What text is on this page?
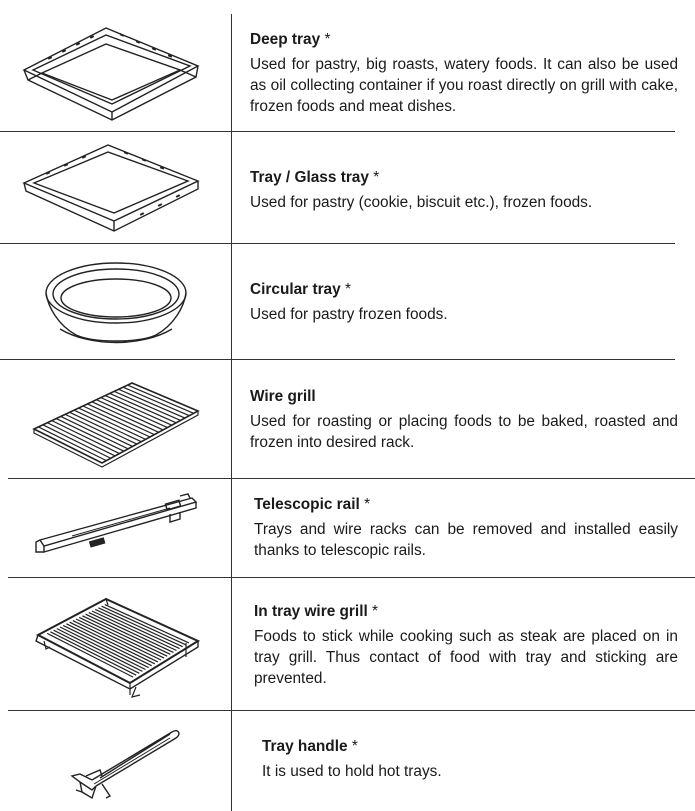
Deep tray *

Used for pastry, big roasts, watery foods. It can also be used as oil collecting container if you roast directly on grill with cake, frozen foods and meat dishes.

Tray / Glass tray *

Used for pastry (cookie, biscuit etc.), frozen foods.

Circular tray *

Used for pastry frozen foods.

Wire grill

Used for roasting or placing foods to be baked, roasted and frozen into desired rack.

Telescopic rail *

Trays and wire racks can be removed and installed easily thanks to telescopic rails.

In tray wire grill *

Foods to stick while cooking such as steak are placed on in tray grill. Thus contact of food with tray and sticking are prevented.

Tray handle *

It is used to hold hot trays.
